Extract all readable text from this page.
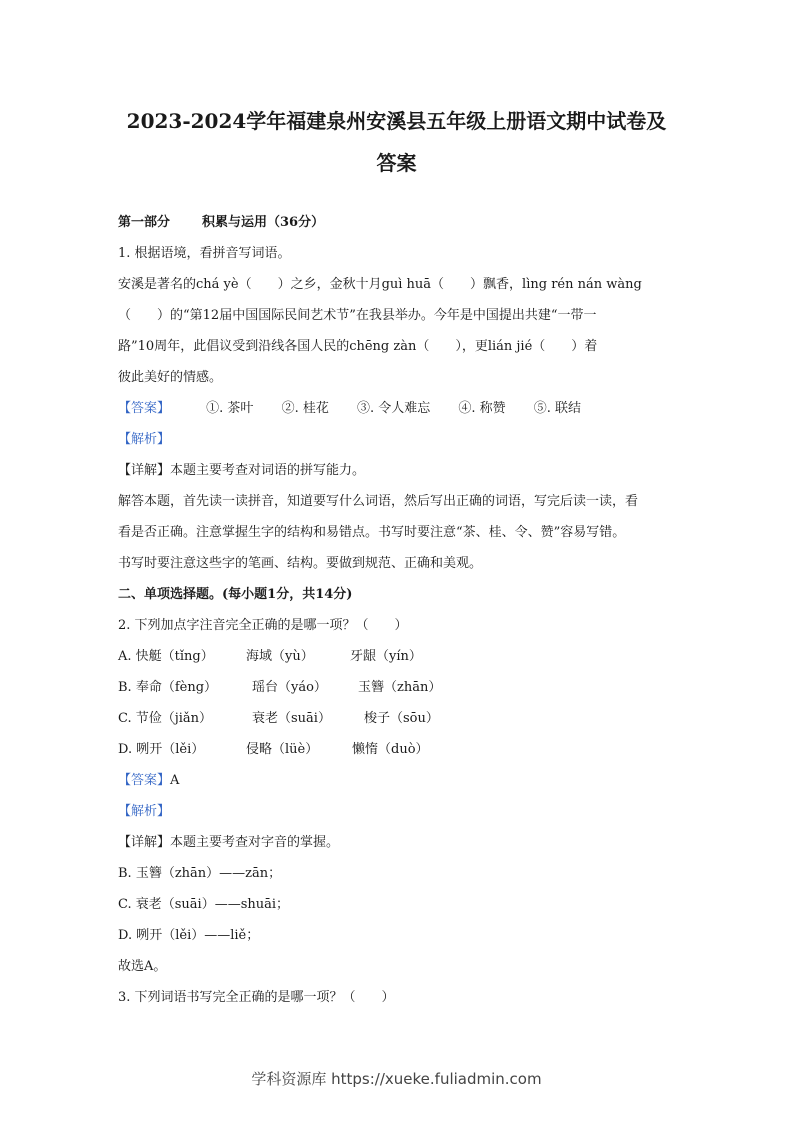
2023-2024学年福建泉州安溪县五年级上册语文期中试卷及
答案
第一部分 积累与运用（36分）
1. 根据语境，看拼音写词语。
安溪是著名的chá yè（　　）之乡，金秋十月guì huā（　　）飘香，lìng rén nán wàng
（　　）的“第12届中国国际民间艺术节”在我县举办。今年是中国提出共建“一带一
路”10周年，此倡议受到沿线各国人民的chēng zàn（　　），更lián jié（　　）着
彼此美好的情感。
【答案】	①. 茶叶 ②. 桂花 ③. 令人难忘 ④. 称赞 ⑤. 联结
【解析】
【详解】本题主要考查对词语的拼写能力。
解答本题，首先读一读拼音，知道要写什么词语，然后写出正确的词语，写完后读一读，看
看是否正确。注意掌握生字的结构和易错点。书写时要注意“茶、桂、令、赞”容易写错。
书写时要注意这些字的笔画、结构。要做到规范、正确和美观。
二、单项选择题。(每小题1分，共14分)
2. 下列加点字注音完全正确的是哪一项？（　　）
A. 快艇（tǐng） 海域（yù）	牙龈（yín）
B. 奉命（fèng）	瑶台（yáo） 玉簪（zhān）
C. 节俭（jiǎn）	衰老（suāi）	梭子（sōu）
D. 咧开（lěi）	侵略（lüè）	懒惰（duò）
【答案】A
【解析】
【详解】本题主要考查对字音的掌握。
B. 玉簪（zhān）——zān；
C. 衰老（suāi）——shuāi；
D. 咧开（lěi）——liě；
故选A。
3. 下列词语书写完全正确的是哪一项？（　　）
学科资源库 https://xueke.fuliadmin.com
